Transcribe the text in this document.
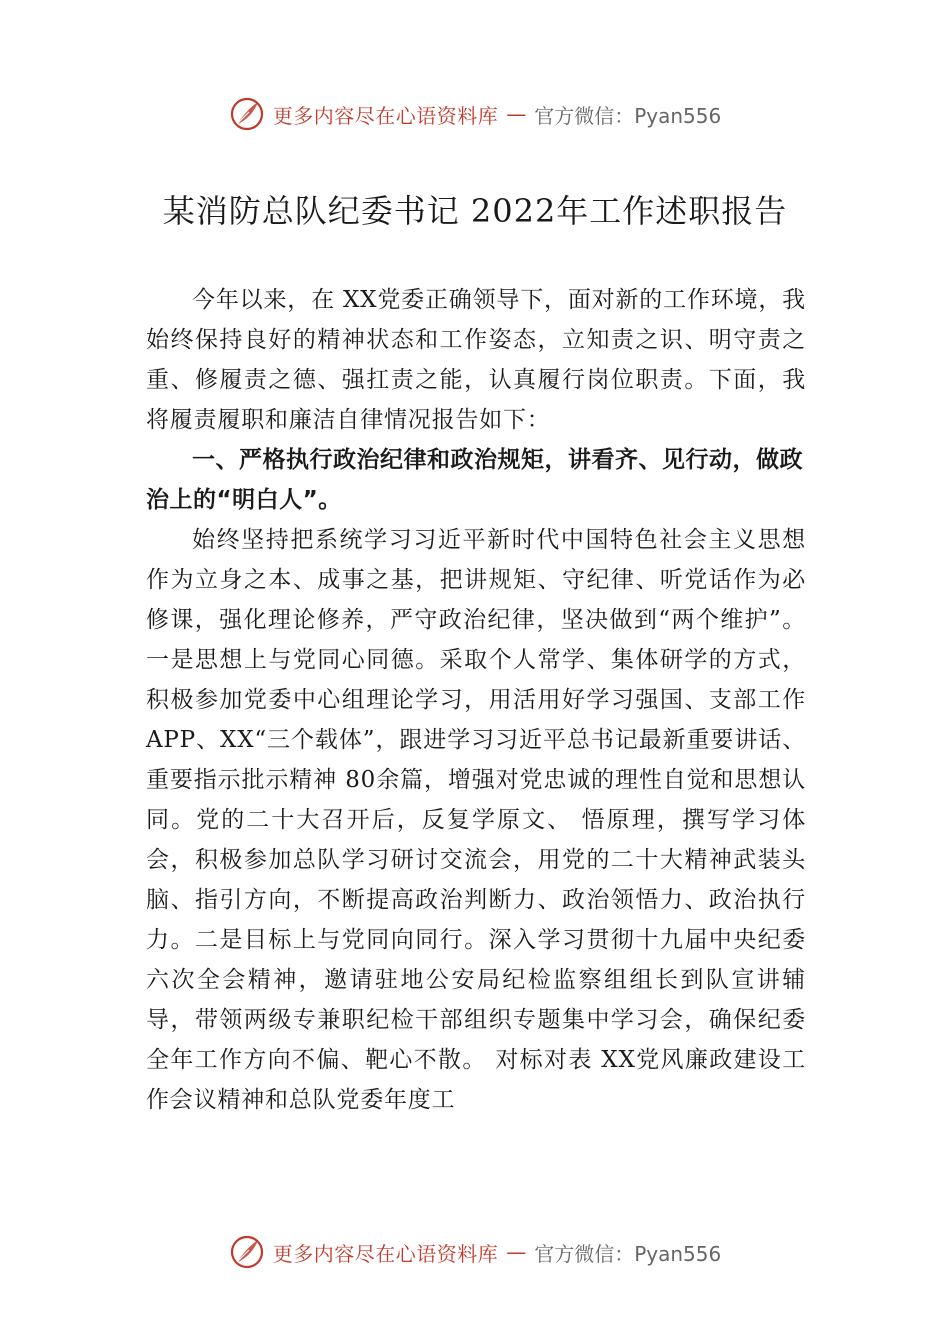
更多内容尽在心语资料库 — 官方微信：Pyan556
某消防总队纪委书记 2022年工作述职报告

今年以来，在 XX党委正确领导下，面对新的工作环境，我始终保持良好的精神状态和工作姿态，立知责之识、明守责之重、修履责之德、强扛责之能，认真履行岗位职责。下面，我将履责履职和廉洁自律情况报告如下：

一、严格执行政治纪律和政治规矩，讲看齐、见行动，做政治上的“明白人”。

始终坚持把系统学习习近平新时代中国特色社会主义思想作为立身之本、成事之基，把讲规矩、守纪律、听党话作为必修课，强化理论修养，严守政治纪律，坚决做到“两个维护”。一是思想上与党同心同德。采取个人常学、集体研学的方式，积极参加党委中心组理论学习，用活用好学习强国、支部工作 APP、XX“三个载体”，跟进学习习近平总书记最新重要讲话、重要指示批示精神 80余篇，增强对党忠诚的理性自觉和思想认同。党的二十大召开后，反复学原文、 悟原理，撰写学习体会，积极参加总队学习研讨交流会，用党的二十大精神武装头脑、指引方向，不断提高政治判断力、政治领悟力、政治执行力。二是目标上与党同向同行。深入学习贯彻十九届中央纪委六次全会精神，邀请驻地公安局纪检监察组组长到队宣讲辅导，带领两级专兼职纪检干部组织专题集中学习会，确保纪委全年工作方向不偏、靶心不散。 对标对表 XX党风廉政建设工作会议精神和总队党委年度工

更多内容尽在心语资料库 — 官方微信：Pyan556
